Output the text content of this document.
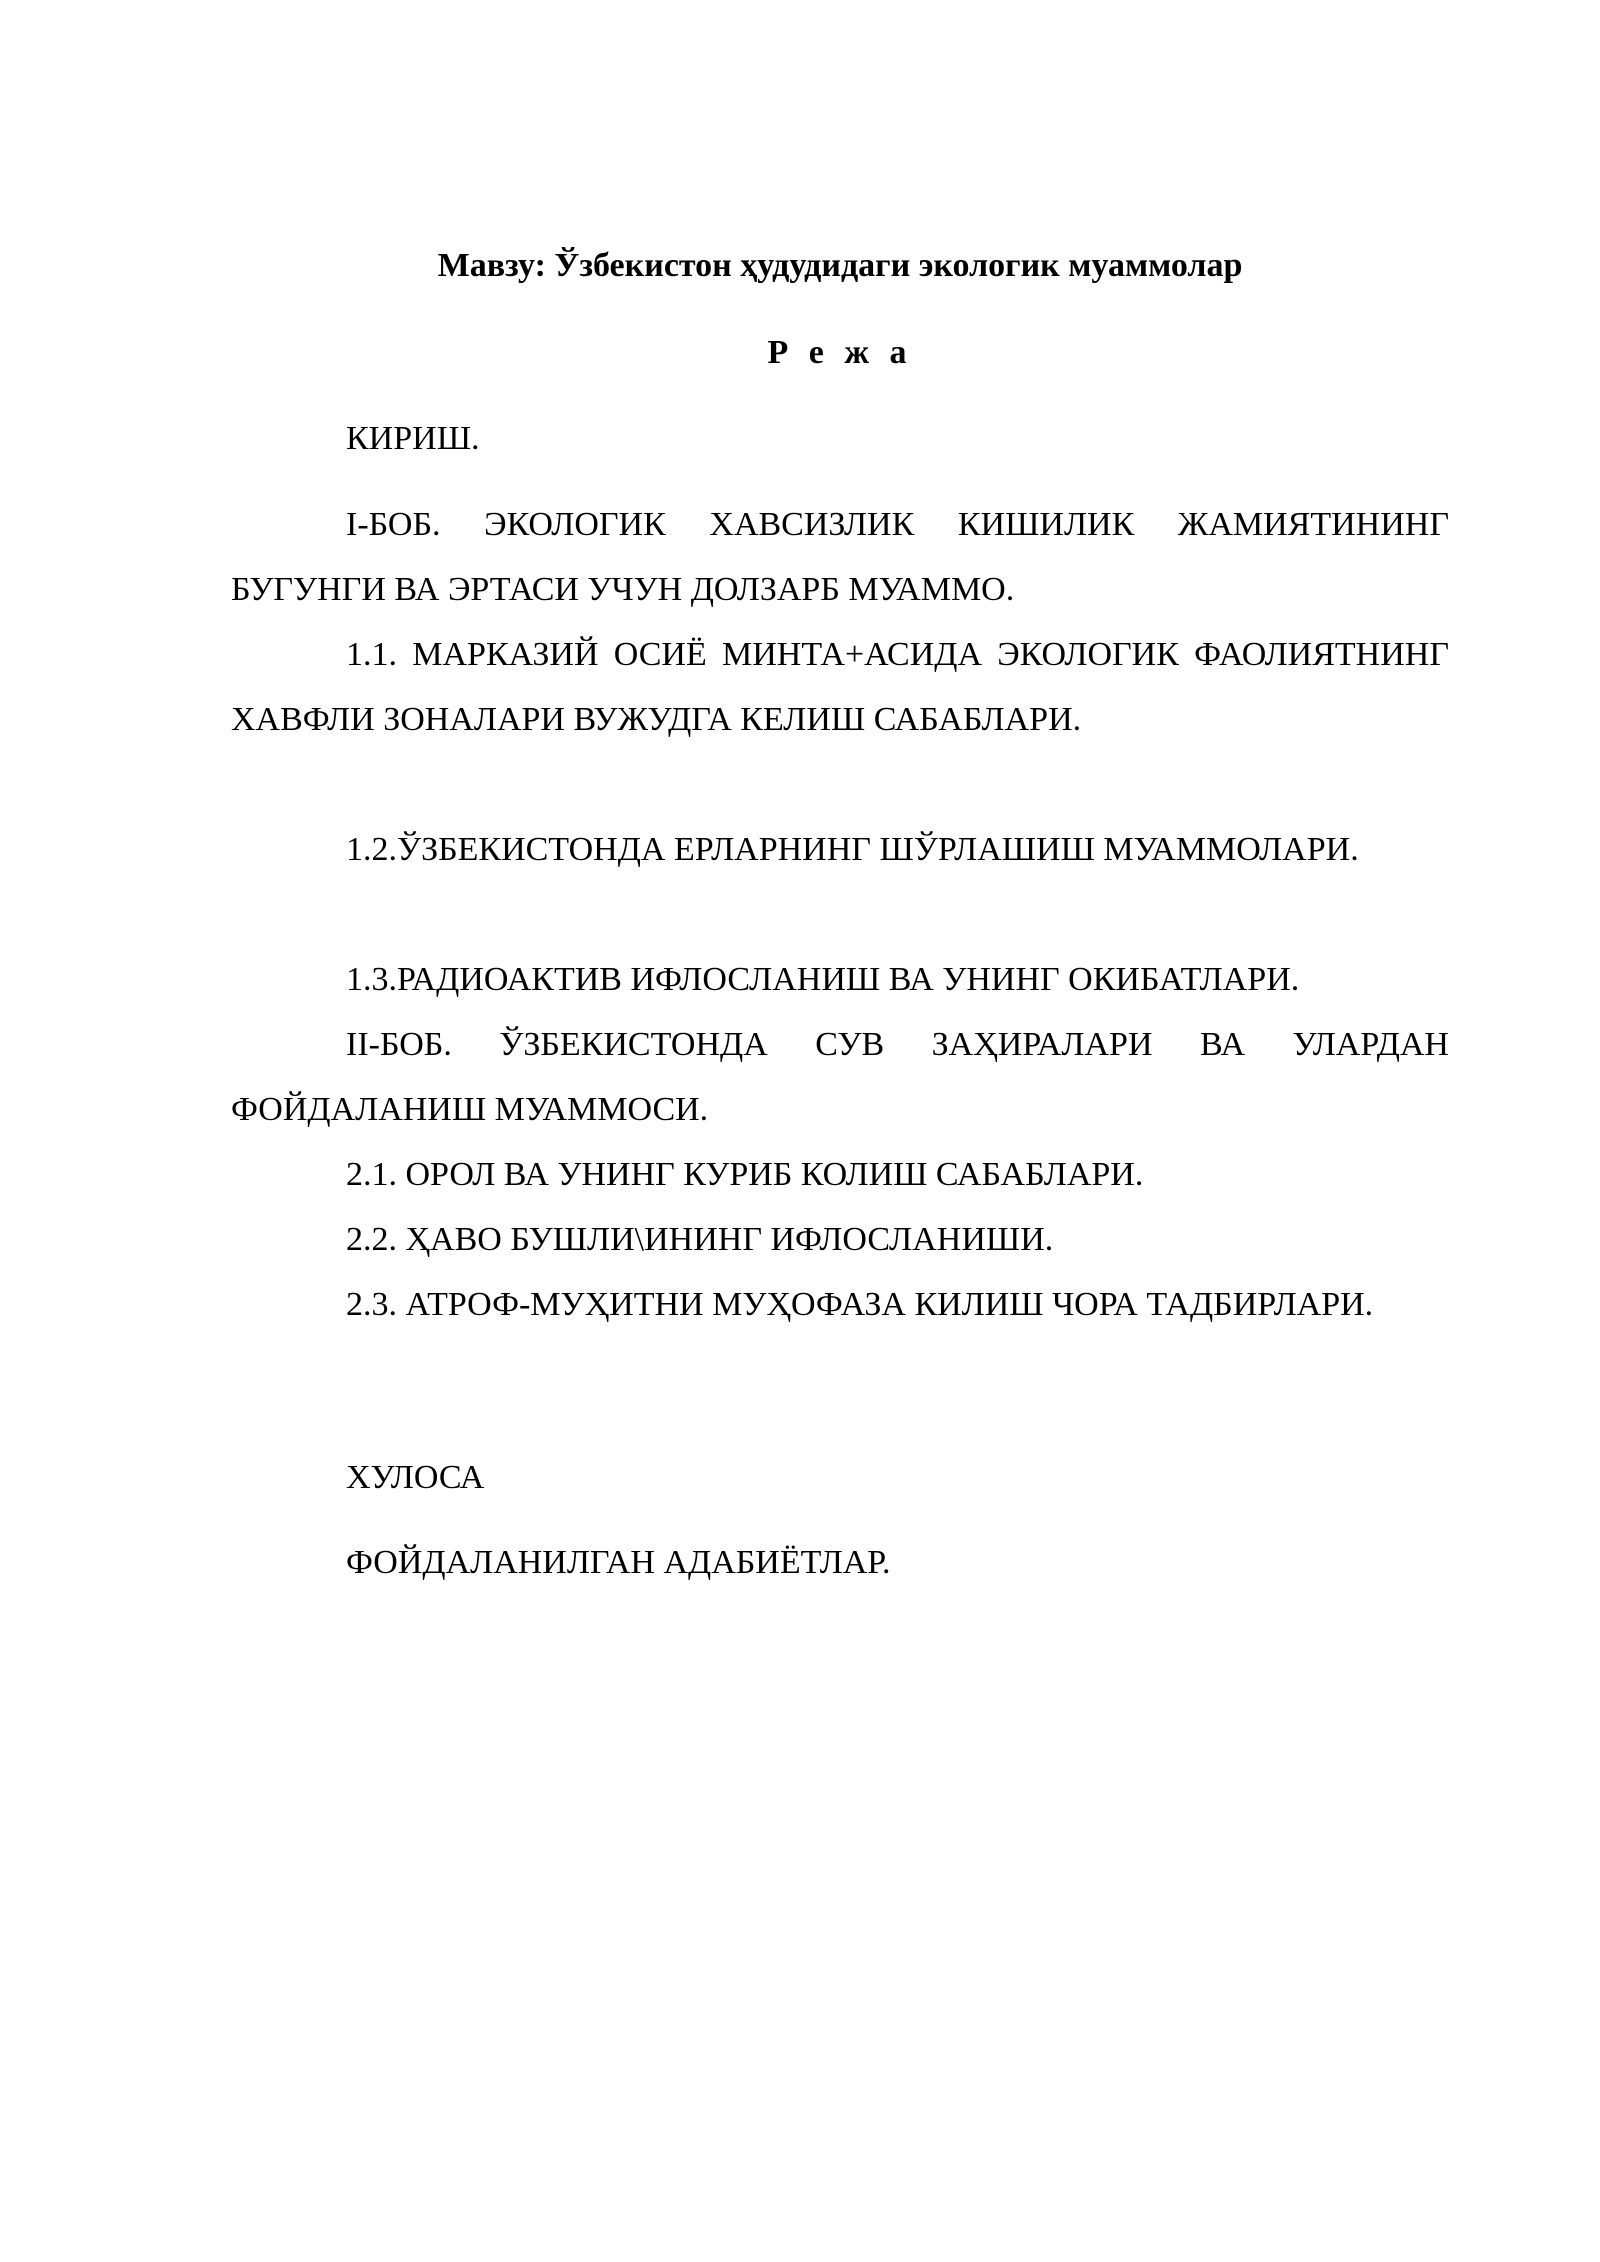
Мавзу: Ўзбекистон ҳудудидаги экологик муаммолар
Р е ж а

КИРИШ.

I-БОБ. ЭКОЛОГИК ХАВСИЗЛИК КИШИЛИК ЖАМИЯТИНИНГ БУГУНГИ ВА ЭРТАСИ УЧУН ДОЛЗАРБ МУАММО.

1.1. МАРКАЗИЙ ОСИЁ МИНТА+АСИДА ЭКОЛОГИК ФАОЛИЯТНИНГ ХАВФЛИ ЗОНАЛАРИ ВУЖУДГА КЕЛИШ САБАБЛАРИ.

1.2.ЎЗБЕКИСТОНДА ЕРЛАРНИНГ ШЎРЛАШИШ МУАММОЛАРИ.

1.3.РАДИОАКТИВ ИФЛОСЛАНИШ ВА УНИНГ ОКИБАТЛАРИ.

II-БОБ. ЎЗБЕКИСТОНДА СУВ ЗАҲИРАЛАРИ ВА УЛАРДАН ФОЙДАЛАНИШ МУАММОСИ.

2.1. ОРОЛ ВА УНИНГ КУРИБ КОЛИШ САБАБЛАРИ.

2.2. ҲАВО БУШЛИ\ИНИНГ ИФЛОСЛАНИШИ.

2.3. АТРОФ-МУҲИТНИ МУҲОФАЗА КИЛИШ ЧОРА ТАДБИРЛАРИ.

ХУЛОСА

ФОЙДАЛАНИЛГАН АДАБИЁТЛАР.
